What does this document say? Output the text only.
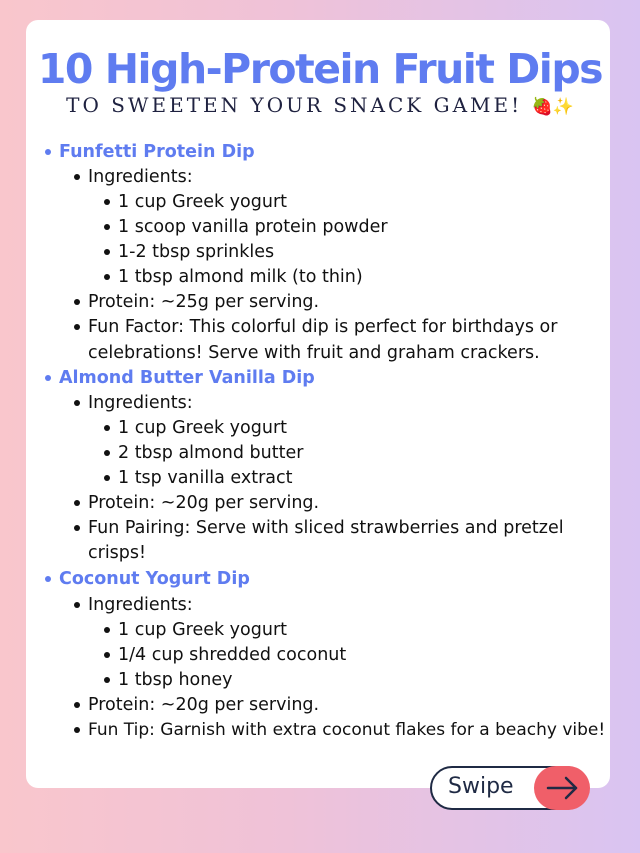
10 High-Protein Fruit Dips
TO SWEETEN YOUR SNACK GAME! 🍓✨
Funfetti Protein Dip
Ingredients:
1 cup Greek yogurt
1 scoop vanilla protein powder
1-2 tbsp sprinkles
1 tbsp almond milk (to thin)
Protein: ~25g per serving.
Fun Factor: This colorful dip is perfect for birthdays or
celebrations! Serve with fruit and graham crackers.
Almond Butter Vanilla Dip
Ingredients:
1 cup Greek yogurt
2 tbsp almond butter
1 tsp vanilla extract
Protein: ~20g per serving.
Fun Pairing: Serve with sliced strawberries and pretzel
crisps!
Coconut Yogurt Dip
Ingredients:
1 cup Greek yogurt
1/4 cup shredded coconut
1 tbsp honey
Protein: ~20g per serving.
Fun Tip: Garnish with extra coconut flakes for a beachy vibe!
Swipe
